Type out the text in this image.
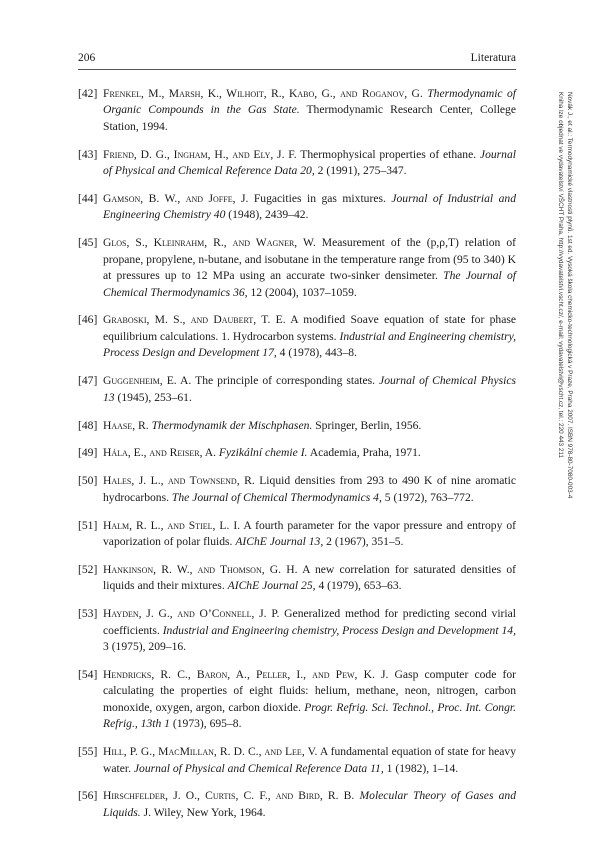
206	Literatura
[42] Frenkel, M., Marsh, K., Wilhoit, R., Kabo, G., and Roganov, G. Thermodynamic of Organic Compounds in the Gas State. Thermodynamic Research Center, College Station, 1994.
[43] Friend, D. G., Ingham, H., and Ely, J. F. Thermophysical properties of ethane. Journal of Physical and Chemical Reference Data 20, 2 (1991), 275–347.
[44] Gamson, B. W., and Joffe, J. Fugacities in gas mixtures. Journal of Industrial and Engineering Chemistry 40 (1948), 2439–42.
[45] Glos, S., Kleinrahm, R., and Wagner, W. Measurement of the (p,ρ,T) relation of propane, propylene, n-butane, and isobutane in the temperature range from (95 to 340) K at pressures up to 12 MPa using an accurate two-sinker densimeter. The Journal of Chemical Thermodynamics 36, 12 (2004), 1037–1059.
[46] Graboski, M. S., and Daubert, T. E. A modified Soave equation of state for phase equilibrium calculations. 1. Hydrocarbon systems. Industrial and Engineering chemistry, Process Design and Development 17, 4 (1978), 443–8.
[47] Guggenheim, E. A. The principle of corresponding states. Journal of Chemical Physics 13 (1945), 253–61.
[48] Haase, R. Thermodynamik der Mischphasen. Springer, Berlin, 1956.
[49] Hála, E., and Reiser, A. Fyzikální chemie I. Academia, Praha, 1971.
[50] Hales, J. L., and Townsend, R. Liquid densities from 293 to 490 K of nine aromatic hydrocarbons. The Journal of Chemical Thermodynamics 4, 5 (1972), 763–772.
[51] Halm, R. L., and Stiel, L. I. A fourth parameter for the vapor pressure and entropy of vaporization of polar fluids. AIChE Journal 13, 2 (1967), 351–5.
[52] Hankinson, R. W., and Thomson, G. H. A new correlation for saturated densities of liquids and their mixtures. AIChE Journal 25, 4 (1979), 653–63.
[53] Hayden, J. G., and O’Connell, J. P. Generalized method for predicting second virial coefficients. Industrial and Engineering chemistry, Process Design and Development 14, 3 (1975), 209–16.
[54] Hendricks, R. C., Baron, A., Peller, I., and Pew, K. J. Gasp computer code for calculating the properties of eight fluids: helium, methane, neon, nitrogen, carbon monoxide, oxygen, argon, carbon dioxide. Progr. Refrig. Sci. Technol., Proc. Int. Congr. Refrig., 13th 1 (1973), 695–8.
[55] Hill, P. G., MacMillan, R. D. C., and Lee, V. A fundamental equation of state for heavy water. Journal of Physical and Chemical Reference Data 11, 1 (1982), 1–14.
[56] Hirschfelder, J. O., Curtis, C. F., and Bird, R. B. Molecular Theory of Gases and Liquids. J. Wiley, New York, 1964.
Novák J., et al.: Termodynamické vlastnosti plynů. 1st ed. Vysoká škola chemicko-technologická v Praze, Praha 2007. ISBN 978-80-7080-003-4
Kniha lze objednat ve vydavatelství VŠCHT Praha, http://vydavatelstvi.vscht.cz/, e-mail: vydavatelstvi@vscht.cz, tel.: 220 443 211
